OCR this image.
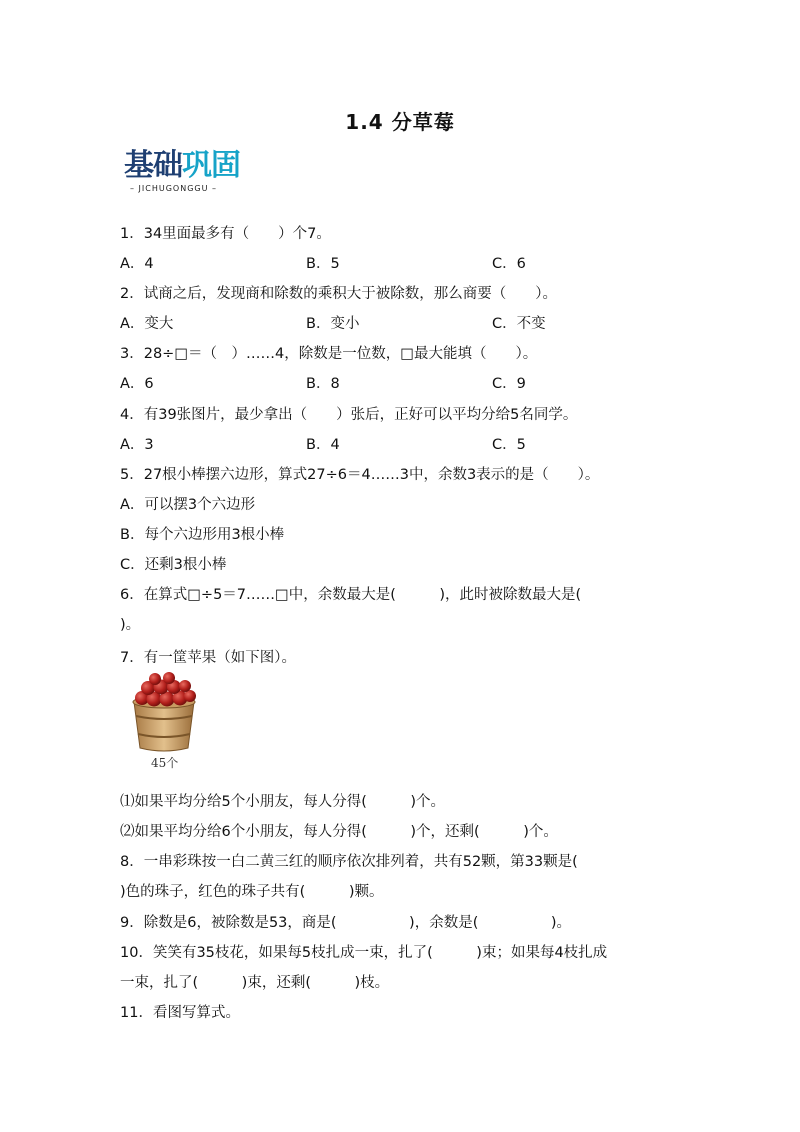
1.4 分草莓
基础巩固
– JICHUGONGGU –
1．34里面最多有（　　）个7。
A．4	B．5	C．6
2．试商之后，发现商和除数的乘积大于被除数，那么商要（　　）。
A．变大	B．变小	C．不变
3．28÷□＝（　）……4，除数是一位数，□最大能填（　　）。
A．6	B．8	C．9
4．有39张图片，最少拿出（　　）张后，正好可以平均分给5名同学。
A．3	B．4	C．5
5．27根小棒摆六边形，算式27÷6＝4……3中，余数3表示的是（　　）。
A．可以摆3个六边形
B．每个六边形用3根小棒
C．还剩3根小棒
6．在算式□÷5＝7……□中，余数最大是(　　　)，此时被除数最大是(
)。
7．有一筐苹果（如下图）。
45个
⑴如果平均分给5个小朋友，每人分得(　　　)个。
⑵如果平均分给6个小朋友，每人分得(　　　)个，还剩(　　　)个。
8．一串彩珠按一白二黄三红的顺序依次排列着，共有52颗，第33颗是(
)色的珠子，红色的珠子共有(　　　)颗。
9．除数是6，被除数是53，商是(　　　　　)，余数是(　　　　　)。
10．笑笑有35枝花，如果每5枝扎成一束，扎了(　　　)束；如果每4枝扎成
一束，扎了(　　　)束，还剩(　　　)枝。
11．看图写算式。
